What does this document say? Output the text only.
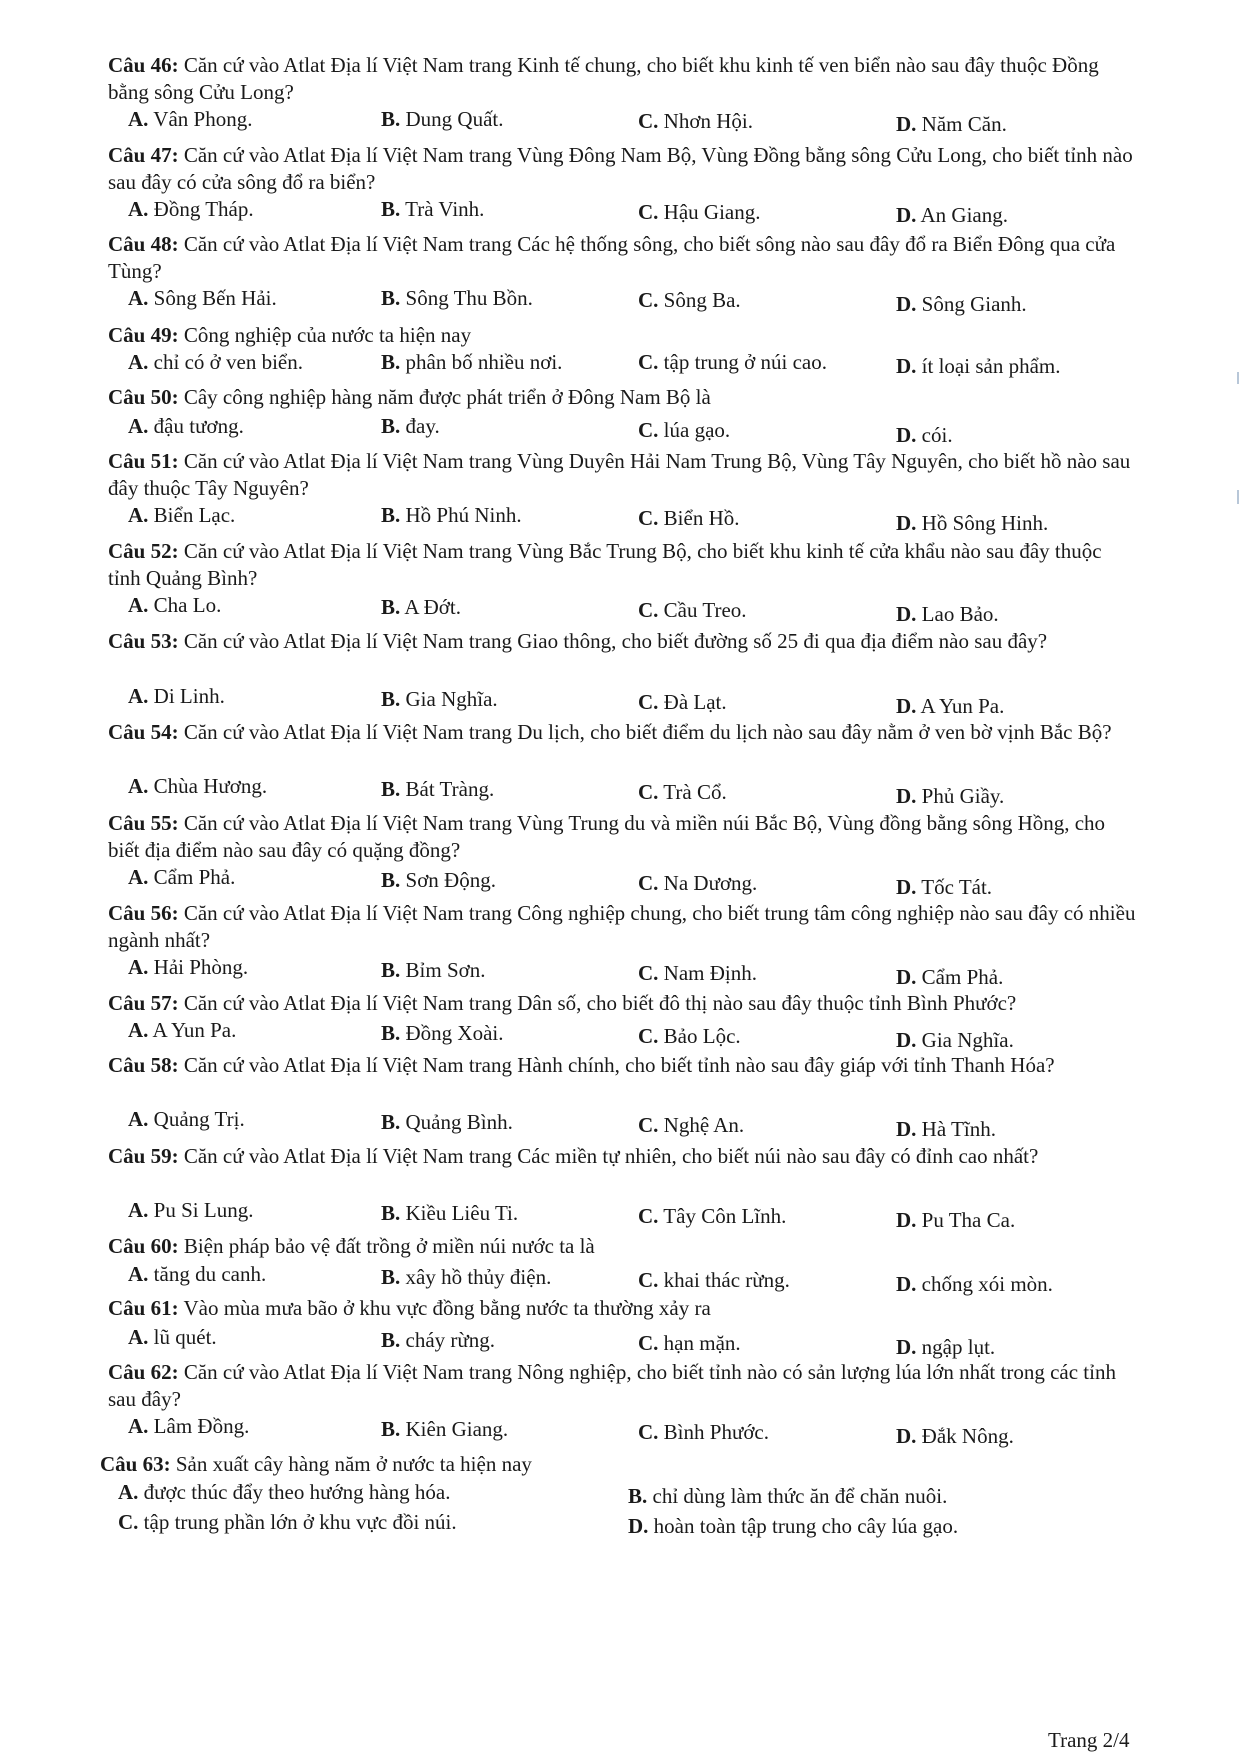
Câu 46: Căn cứ vào Atlat Địa lí Việt Nam trang Kinh tế chung, cho biết khu kinh tế ven biển nào sau đây thuộc Đồng bằng sông Cửu Long?
A. Vân Phong.	B. Dung Quất.	C. Nhơn Hội.	D. Năm Căn.
Câu 47: Căn cứ vào Atlat Địa lí Việt Nam trang Vùng Đông Nam Bộ, Vùng Đồng bằng sông Cửu Long, cho biết tỉnh nào sau đây có cửa sông đổ ra biển?
A. Đồng Tháp.	B. Trà Vinh.	C. Hậu Giang.	D. An Giang.
Câu 48: Căn cứ vào Atlat Địa lí Việt Nam trang Các hệ thống sông, cho biết sông nào sau đây đổ ra Biển Đông qua cửa Tùng?
A. Sông Bến Hải.	B. Sông Thu Bồn.	C. Sông Ba.	D. Sông Gianh.
Câu 49: Công nghiệp của nước ta hiện nay
A. chỉ có ở ven biển.	B. phân bố nhiều nơi.	C. tập trung ở núi cao.	D. ít loại sản phẩm.
Câu 50: Cây công nghiệp hàng năm được phát triển ở Đông Nam Bộ là
A. đậu tương.	B. đay.	C. lúa gạo.	D. cói.
Câu 51: Căn cứ vào Atlat Địa lí Việt Nam trang Vùng Duyên Hải Nam Trung Bộ, Vùng Tây Nguyên, cho biết hồ nào sau đây thuộc Tây Nguyên?
A. Biển Lạc.	B. Hồ Phú Ninh.	C. Biển Hồ.	D. Hồ Sông Hinh.
Câu 52: Căn cứ vào Atlat Địa lí Việt Nam trang Vùng Bắc Trung Bộ, cho biết khu kinh tế cửa khẩu nào sau đây thuộc tỉnh Quảng Bình?
A. Cha Lo.	B. A Đớt.	C. Cầu Treo.	D. Lao Bảo.
Câu 53: Căn cứ vào Atlat Địa lí Việt Nam trang Giao thông, cho biết đường số 25 đi qua địa điểm nào sau đây?
A. Di Linh.	B. Gia Nghĩa.	C. Đà Lạt.	D. A Yun Pa.
Câu 54: Căn cứ vào Atlat Địa lí Việt Nam trang Du lịch, cho biết điểm du lịch nào sau đây nằm ở ven bờ vịnh Bắc Bộ?
A. Chùa Hương.	B. Bát Tràng.	C. Trà Cổ.	D. Phủ Giầy.
Câu 55: Căn cứ vào Atlat Địa lí Việt Nam trang Vùng Trung du và miền núi Bắc Bộ, Vùng đồng bằng sông Hồng, cho biết địa điểm nào sau đây có quặng đồng?
A. Cẩm Phả.	B. Sơn Động.	C. Na Dương.	D. Tốc Tát.
Câu 56: Căn cứ vào Atlat Địa lí Việt Nam trang Công nghiệp chung, cho biết trung tâm công nghiệp nào sau đây có nhiều ngành nhất?
A. Hải Phòng.	B. Bỉm Sơn.	C. Nam Định.	D. Cẩm Phả.
Câu 57: Căn cứ vào Atlat Địa lí Việt Nam trang Dân số, cho biết đô thị nào sau đây thuộc tỉnh Bình Phước?
A. A Yun Pa.	B. Đồng Xoài.	C. Bảo Lộc.	D. Gia Nghĩa.
Câu 58: Căn cứ vào Atlat Địa lí Việt Nam trang Hành chính, cho biết tỉnh nào sau đây giáp với tỉnh Thanh Hóa?
A. Quảng Trị.	B. Quảng Bình.	C. Nghệ An.	D. Hà Tĩnh.
Câu 59: Căn cứ vào Atlat Địa lí Việt Nam trang Các miền tự nhiên, cho biết núi nào sau đây có đỉnh cao nhất?
A. Pu Si Lung.	B. Kiều Liêu Ti.	C. Tây Côn Lĩnh.	D. Pu Tha Ca.
Câu 60: Biện pháp bảo vệ đất trồng ở miền núi nước ta là
A. tăng du canh.	B. xây hồ thủy điện.	C. khai thác rừng.	D. chống xói mòn.
Câu 61: Vào mùa mưa bão ở khu vực đồng bằng nước ta thường xảy ra
A. lũ quét.	B. cháy rừng.	C. hạn mặn.	D. ngập lụt.
Câu 62: Căn cứ vào Atlat Địa lí Việt Nam trang Nông nghiệp, cho biết tỉnh nào có sản lượng lúa lớn nhất trong các tỉnh sau đây?
A. Lâm Đồng.	B. Kiên Giang.	C. Bình Phước.	D. Đắk Nông.
Câu 63: Sản xuất cây hàng năm ở nước ta hiện nay
A. được thúc đẩy theo hướng hàng hóa.	B. chỉ dùng làm thức ăn để chăn nuôi.
C. tập trung phần lớn ở khu vực đồi núi.	D. hoàn toàn tập trung cho cây lúa gạo.
Trang 2/4
